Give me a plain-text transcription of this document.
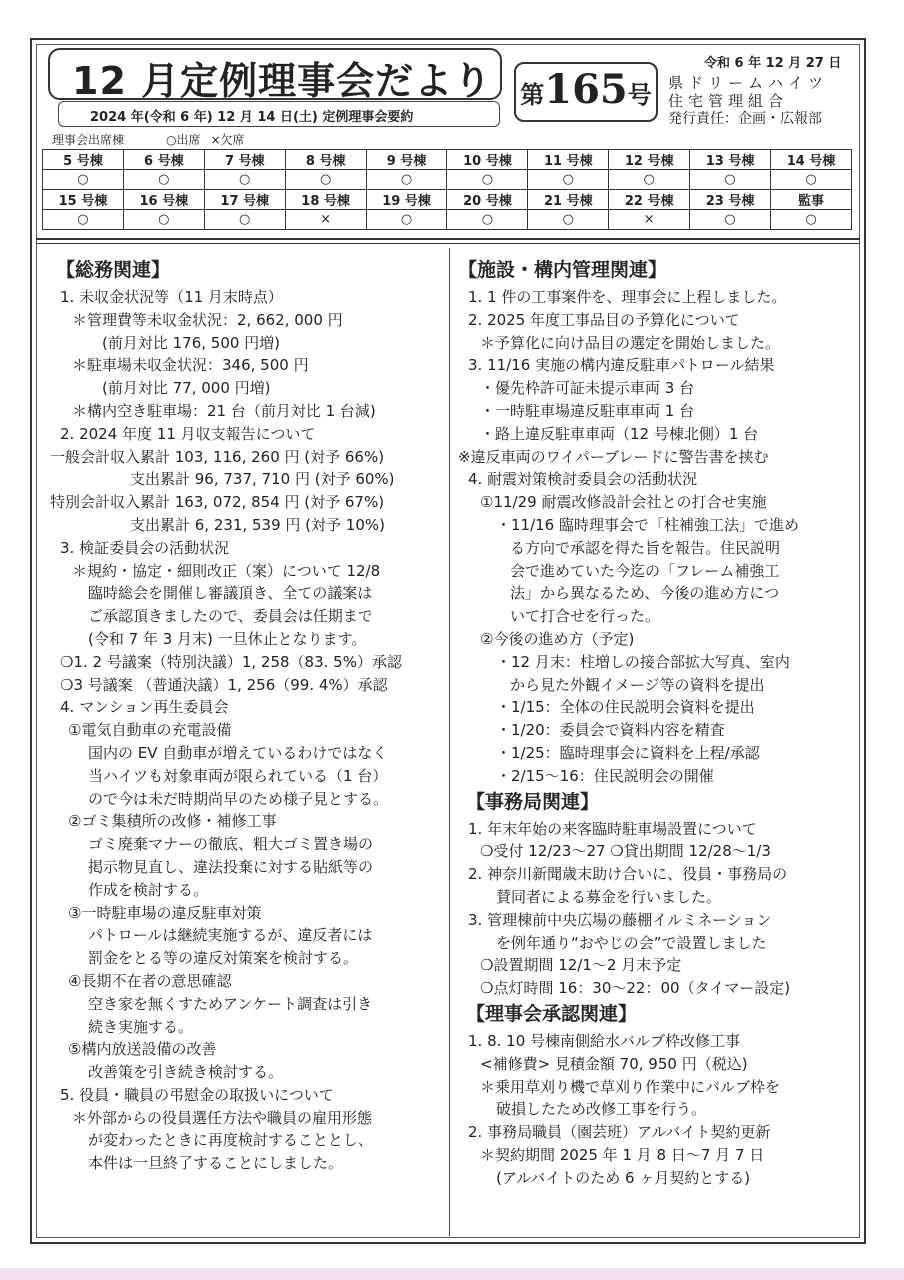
12 月定例理事会だより
2024 年(令和 6 年) 12 月 14 日(土) 定例理事会要約
第165号
令和 6 年 12 月 27 日
県ドリームハイツ
住宅管理組合
発行責任：企画・広報部
理事会出席棟	○出席 ×欠席
5 号棟	6 号棟	7 号棟	8 号棟	9 号棟	10 号棟	11 号棟	12 号棟	13 号棟	14 号棟
○	○	○	○	○	○	○	○	○	○
15 号棟	16 号棟	17 号棟	18 号棟	19 号棟	20 号棟	21 号棟	22 号棟	23 号棟	監事
○	○	○	×	○	○	○	×	○	○
【総務関連】
1. 未収金状況等（11 月末時点）
＊管理費等未収金状況：2, 662, 000 円
(前月対比 176, 500 円増)
＊駐車場未収金状況：346, 500 円
(前月対比 77, 000 円増)
＊構内空き駐車場：21 台（前月対比 1 台減)
2. 2024 年度 11 月収支報告について
一般会計収入累計 103, 116, 260 円 (対予 66%)
支出累計 96, 737, 710 円 (対予 60%)
特別会計収入累計 163, 072, 854 円 (対予 67%)
支出累計 6, 231, 539 円 (対予 10%)
3. 検証委員会の活動状況
＊規約・協定・細則改正（案）について 12/8
臨時総会を開催し審議頂き、全ての議案は
ご承認頂きましたので、委員会は任期まで
(令和 7 年 3 月末) 一旦休止となります。
❍1. 2 号議案（特別決議）1, 258（83. 5%）承認
❍3 号議案 （普通決議）1, 256（99. 4%）承認
4. マンション再生委員会
①電気自動車の充電設備
国内の EV 自動車が増えているわけではなく
当ハイツも対象車両が限られている（1 台）
ので今は未だ時期尚早のため様子見とする。
②ゴミ集積所の改修・補修工事
ゴミ廃棄マナーの徹底、粗大ゴミ置き場の
掲示物見直し、違法投棄に対する貼紙等の
作成を検討する。
③一時駐車場の違反駐車対策
パトロールは継続実施するが、違反者には
罰金をとる等の違反対策案を検討する。
④長期不在者の意思確認
空き家を無くすためアンケート調査は引き
続き実施する。
⑤構内放送設備の改善
改善策を引き続き検討する。
5. 役員・職員の弔慰金の取扱いについて
＊外部からの役員選任方法や職員の雇用形態
が変わったときに再度検討することとし、
本件は一旦終了することにしました。
【施設・構内管理関連】
1. 1 件の工事案件を、理事会に上程しました。
2. 2025 年度工事品目の予算化について
＊予算化に向け品目の選定を開始しました。
3. 11/16 実施の構内違反駐車パトロール結果
・優先枠許可証未提示車両 3 台
・一時駐車場違反駐車車両 1 台
・路上違反駐車車両（12 号棟北側）1 台
※違反車両のワイパーブレードに警告書を挟む
4. 耐震対策検討委員会の活動状況
①11/29 耐震改修設計会社との打合せ実施
・11/16 臨時理事会で「柱補強工法」で進め
る方向で承認を得た旨を報告。住民説明
会で進めていた今迄の「フレーム補強工
法」から異なるため、今後の進め方につ
いて打合せを行った。
②今後の進め方（予定)
・12 月末：柱増しの接合部拡大写真、室内
から見た外観イメージ等の資料を提出
・1/15：全体の住民説明会資料を提出
・1/20：委員会で資料内容を精査
・1/25：臨時理事会に資料を上程/承認
・2/15〜16：住民説明会の開催
【事務局関連】
1. 年末年始の来客臨時駐車場設置について
❍受付 12/23〜27 ❍貸出期間 12/28〜1/3
2. 神奈川新聞歳末助け合いに、役員・事務局の
賛同者による募金を行いました。
3. 管理棟前中央広場の藤棚イルミネーション
を例年通り“おやじの会”で設置しました
❍設置期間 12/1〜2 月末予定
❍点灯時間 16：30〜22：00（タイマー設定)
【理事会承認関連】
1. 8. 10 号棟南側給水バルブ枠改修工事
<補修費> 見積金額 70, 950 円（税込)
＊乗用草刈り機で草刈り作業中にバルブ枠を
破損したため改修工事を行う。
2. 事務局職員（園芸班）アルバイト契約更新
＊契約期間 2025 年 1 月 8 日〜7 月 7 日
(アルバイトのため 6 ヶ月契約とする)
